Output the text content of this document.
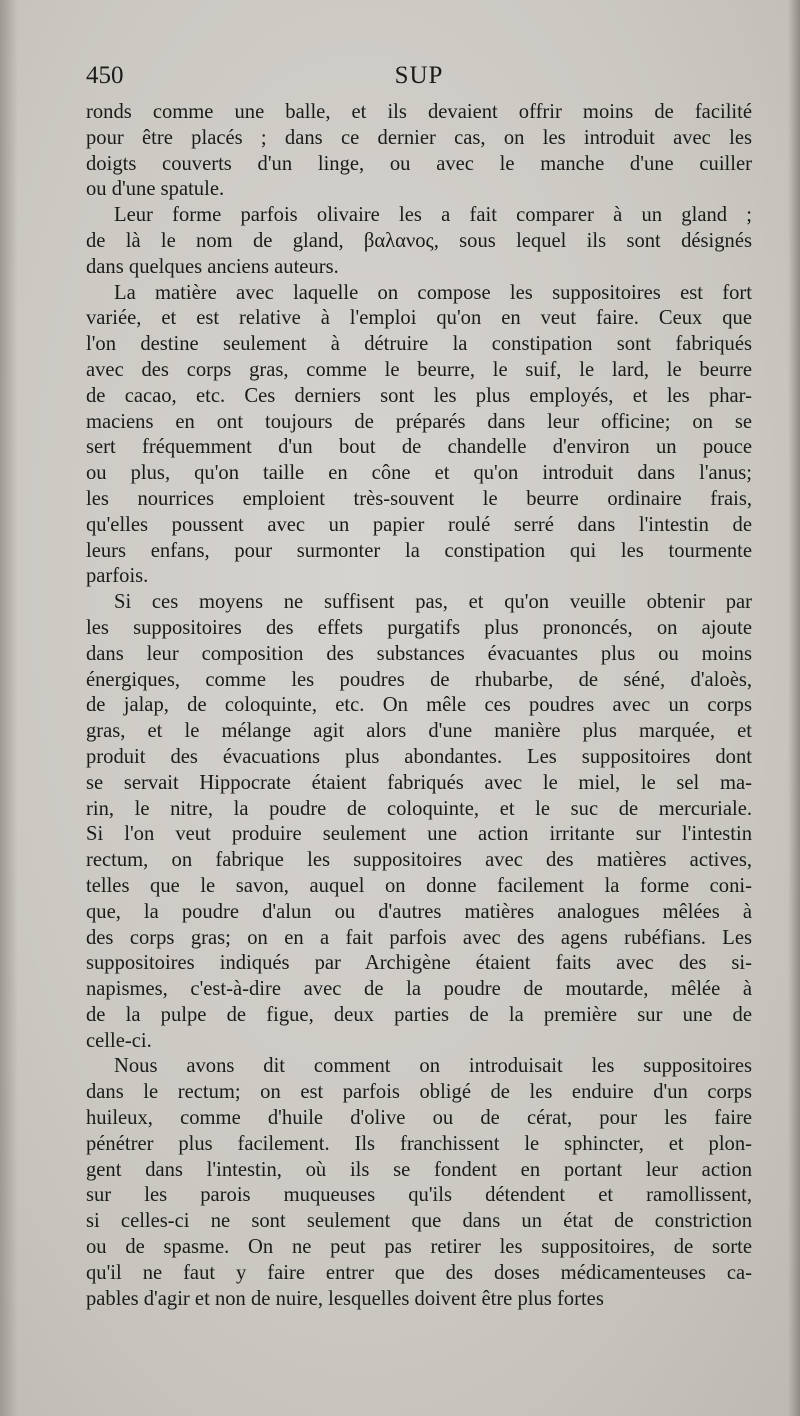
450	SUP

ronds comme une balle, et ils devaient offrir moins de facilité
pour être placés ; dans ce dernier cas, on les introduit avec les
doigts couverts d'un linge, ou avec le manche d'une cuiller
ou d'une spatule.

Leur forme parfois olivaire les a fait comparer à un gland ;
de là le nom de gland, βαλανος, sous lequel ils sont désignés
dans quelques anciens auteurs.

La matière avec laquelle on compose les suppositoires est fort
variée, et est relative à l'emploi qu'on en veut faire. Ceux que
l'on destine seulement à détruire la constipation sont fabriqués
avec des corps gras, comme le beurre, le suif, le lard, le beurre
de cacao, etc. Ces derniers sont les plus employés, et les phar-
maciens en ont toujours de préparés dans leur officine; on se
sert fréquemment d'un bout de chandelle d'environ un pouce
ou plus, qu'on taille en cône et qu'on introduit dans l'anus;
les nourrices emploient très-souvent le beurre ordinaire frais,
qu'elles poussent avec un papier roulé serré dans l'intestin de
leurs enfans, pour surmonter la constipation qui les tourmente
parfois.

Si ces moyens ne suffisent pas, et qu'on veuille obtenir par
les suppositoires des effets purgatifs plus prononcés, on ajoute
dans leur composition des substances évacuantes plus ou moins
énergiques, comme les poudres de rhubarbe, de séné, d'aloès,
de jalap, de coloquinte, etc. On mêle ces poudres avec un corps
gras, et le mélange agit alors d'une manière plus marquée, et
produit des évacuations plus abondantes. Les suppositoires dont
se servait Hippocrate étaient fabriqués avec le miel, le sel ma-
rin, le nitre, la poudre de coloquinte, et le suc de mercuriale.
Si l'on veut produire seulement une action irritante sur l'intestin
rectum, on fabrique les suppositoires avec des matières actives,
telles que le savon, auquel on donne facilement la forme coni-
que, la poudre d'alun ou d'autres matières analogues mêlées à
des corps gras; on en a fait parfois avec des agens rubéfians. Les
suppositoires indiqués par Archigène étaient faits avec des si-
napismes, c'est-à-dire avec de la poudre de moutarde, mêlée à
de la pulpe de figue, deux parties de la première sur une de
celle-ci.

Nous avons dit comment on introduisait les suppositoires
dans le rectum; on est parfois obligé de les enduire d'un corps
huileux, comme d'huile d'olive ou de cérat, pour les faire
pénétrer plus facilement. Ils franchissent le sphincter, et plon-
gent dans l'intestin, où ils se fondent en portant leur action
sur les parois muqueuses qu'ils détendent et ramollissent,
si celles-ci ne sont seulement que dans un état de constriction
ou de spasme. On ne peut pas retirer les suppositoires, de sorte
qu'il ne faut y faire entrer que des doses médicamenteuses ca-
pables d'agir et non de nuire, lesquelles doivent être plus fortes
